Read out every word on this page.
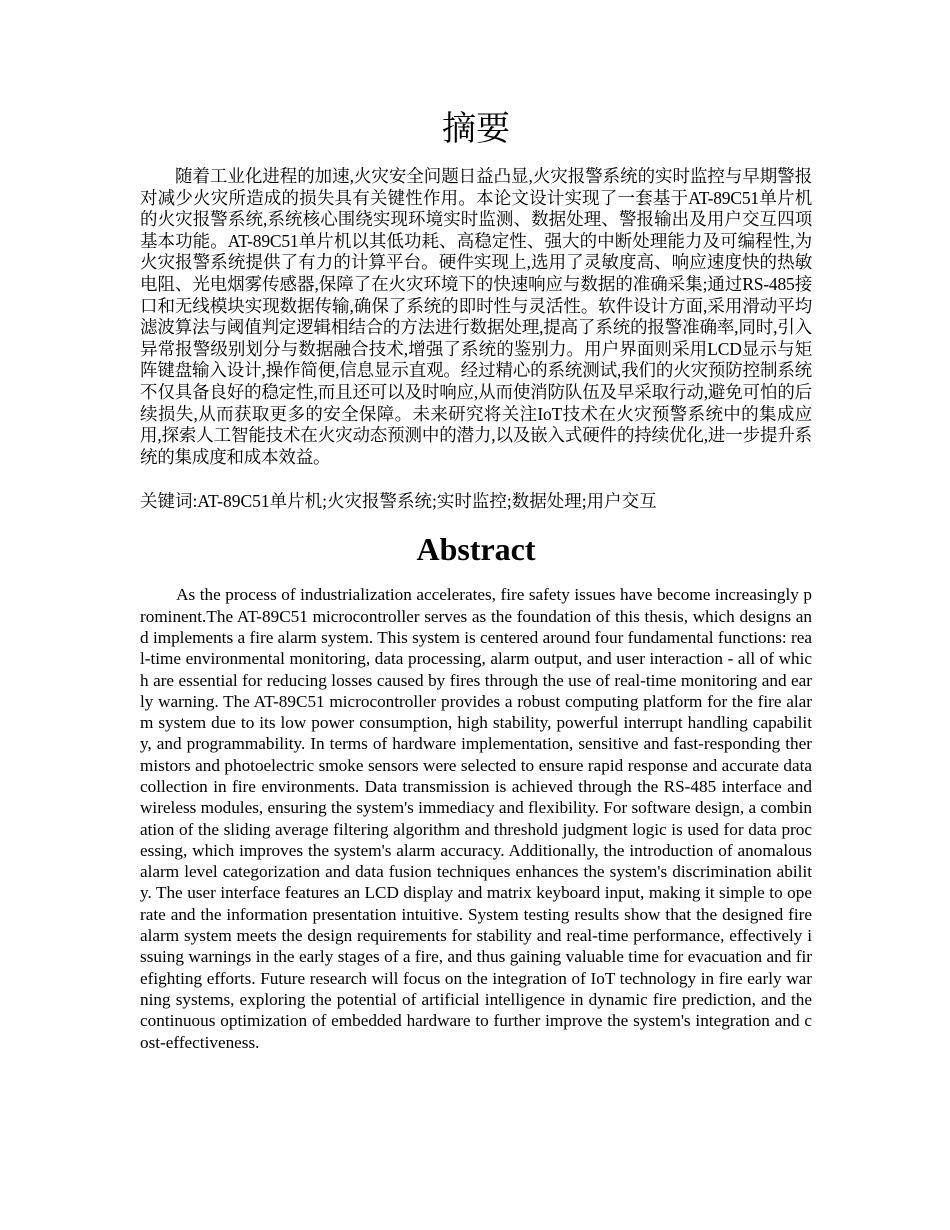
摘要

随着工业化进程的加速,火灾安全问题日益凸显,火灾报警系统的实时监控与早期警报对减少火灾所造成的损失具有关键性作用。本论文设计实现了一套基于AT-89C51单片机的火灾报警系统,系统核心围绕实现环境实时监测、数据处理、警报输出及用户交互四项基本功能。AT-89C51单片机以其低功耗、高稳定性、强大的中断处理能力及可编程性,为火灾报警系统提供了有力的计算平台。硬件实现上,选用了灵敏度高、响应速度快的热敏电阻、光电烟雾传感器,保障了在火灾环境下的快速响应与数据的准确采集;通过RS-485接口和无线模块实现数据传输,确保了系统的即时性与灵活性。软件设计方面,采用滑动平均滤波算法与阈值判定逻辑相结合的方法进行数据处理,提高了系统的报警准确率,同时,引入异常报警级别划分与数据融合技术,增强了系统的鉴别力。用户界面则采用LCD显示与矩阵键盘输入设计,操作简便,信息显示直观。经过精心的系统测试,我们的火灾预防控制系统不仅具备良好的稳定性,而且还可以及时响应,从而使消防队伍及早采取行动,避免可怕的后续损失,从而获取更多的安全保障。未来研究将关注IoT技术在火灾预警系统中的集成应用,探索人工智能技术在火灾动态预测中的潜力,以及嵌入式硬件的持续优化,进一步提升系统的集成度和成本效益。

关键词:AT-89C51单片机;火灾报警系统;实时监控;数据处理;用户交互

Abstract

As the process of industrialization accelerates, fire safety issues have become increasingly prominent.The AT-89C51 microcontroller serves as the foundation of this thesis, which designs and implements a fire alarm system. This system is centered around four fundamental functions: real-time environmental monitoring, data processing, alarm output, and user interaction - all of which are essential for reducing losses caused by fires through the use of real-time monitoring and early warning. The AT-89C51 microcontroller provides a robust computing platform for the fire alarm system due to its low power consumption, high stability, powerful interrupt handling capability, and programmability. In terms of hardware implementation, sensitive and fast-responding thermistors and photoelectric smoke sensors were selected to ensure rapid response and accurate data collection in fire environments. Data transmission is achieved through the RS-485 interface and wireless modules, ensuring the system's immediacy and flexibility. For software design, a combination of the sliding average filtering algorithm and threshold judgment logic is used for data processing, which improves the system's alarm accuracy. Additionally, the introduction of anomalous alarm level categorization and data fusion techniques enhances the system's discrimination ability. The user interface features an LCD display and matrix keyboard input, making it simple to operate and the information presentation intuitive. System testing results show that the designed fire alarm system meets the design requirements for stability and real-time performance, effectively issuing warnings in the early stages of a fire, and thus gaining valuable time for evacuation and firefighting efforts. Future research will focus on the integration of IoT technology in fire early warning systems, exploring the potential of artificial intelligence in dynamic fire prediction, and the continuous optimization of embedded hardware to further improve the system's integration and cost-effectiveness.
